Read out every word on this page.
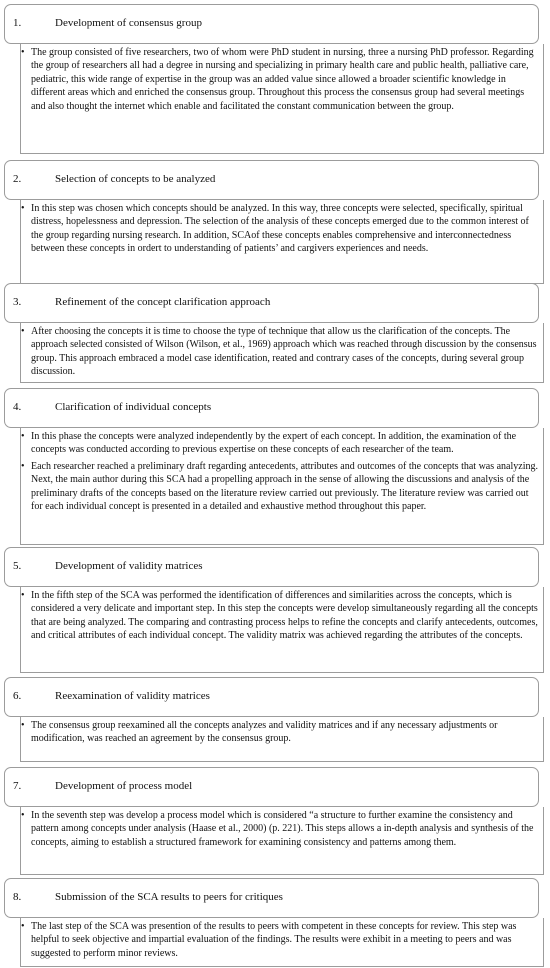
1.	Development of consensus group

• The group consisted of five researchers, two of whom were PhD student in nursing, three a nursing PhD professor. Regarding the group of researchers all had a degree in nursing and specializing in primary health care and public health, palliative care, pediatric, this wide range of expertise in the group was an added value since allowed a broader scientific knowledge in different areas which and enriched the consensus group. Throughout this process the consensus group had several meetings and also thought the internet which enable and facilitated the constant communication between the group.

2.	Selection of concepts to be analyzed

• In this step was chosen which concepts should be analyzed. In this way, three concepts were selected, specifically, spiritual distress, hopelessness and depression. The selection of the analysis of these concepts emerged due to the common interest of the group regarding nursing research. In addition, SCAof these concepts enables comprehensive and interconnectedness between these concepts in ordert to understanding of patients’ and cargivers experiences and needs.

3.	Refinement of the concept clarification approach

• After choosing the concepts it is time to choose the type of technique that allow us the clarification of the concepts. The approach selected consisted of Wilson (Wilson, et al., 1969) approach which was reached through discussion by the consensus group. This approach embraced a model case identification, reated and contrary cases of the concepts, during several group discussion.

4.	Clarification of individual concepts

• In this phase the concepts were analyzed independently by the expert of each concept. In addition, the examination of the concepts was conducted according to previous expertise on these concepts of each researcher of the team.

• Each researcher reached a preliminary draft regarding antecedents, attributes and outcomes of the concepts that was analyzing. Next, the main author during this SCA had a propelling approach in the sense of allowing the discussions and analysis of the preliminary drafts of the concepts based on the literature review carried out previously. The literature review was carried out for each individual concept is presented in a detailed and exhaustive method throughout this paper.

5.	Development of validity matrices

• In the fifth step of the SCA was performed the identification of differences and similarities across the concepts, which is considered a very delicate and important step. In this step the concepts were develop simultaneously regarding all the concepts that are being analyzed. The comparing and contrasting process helps to refine the concepts and clarify antecedents, outcomes, and critical attributes of each individual concept. The validity matrix was achieved regarding the attributes of the concepts.

6.	Reexamination of validity matrices

• The consensus group reexamined all the concepts analyzes and validity matrices and if any necessary adjustments or modification, was reached an agreement by the consensus group.

7.	Development of process model

• In the seventh step was develop a process model which is considered “a structure to further examine the consistency and pattern among concepts under analysis (Haase et al., 2000) (p. 221). This steps allows a in-depth analysis and synthesis of the concepts, aiming to establish a structured framework for examining consistency and patterns among them.

8.	Submission of the SCA results to peers for critiques

• The last step of the SCA was presention of the results to peers with competent in these concepts for review. This step was helpful to seek objective and impartial evaluation of the findings. The results were exhibit in a meeting to peers and was suggested to perform minor reviews.
